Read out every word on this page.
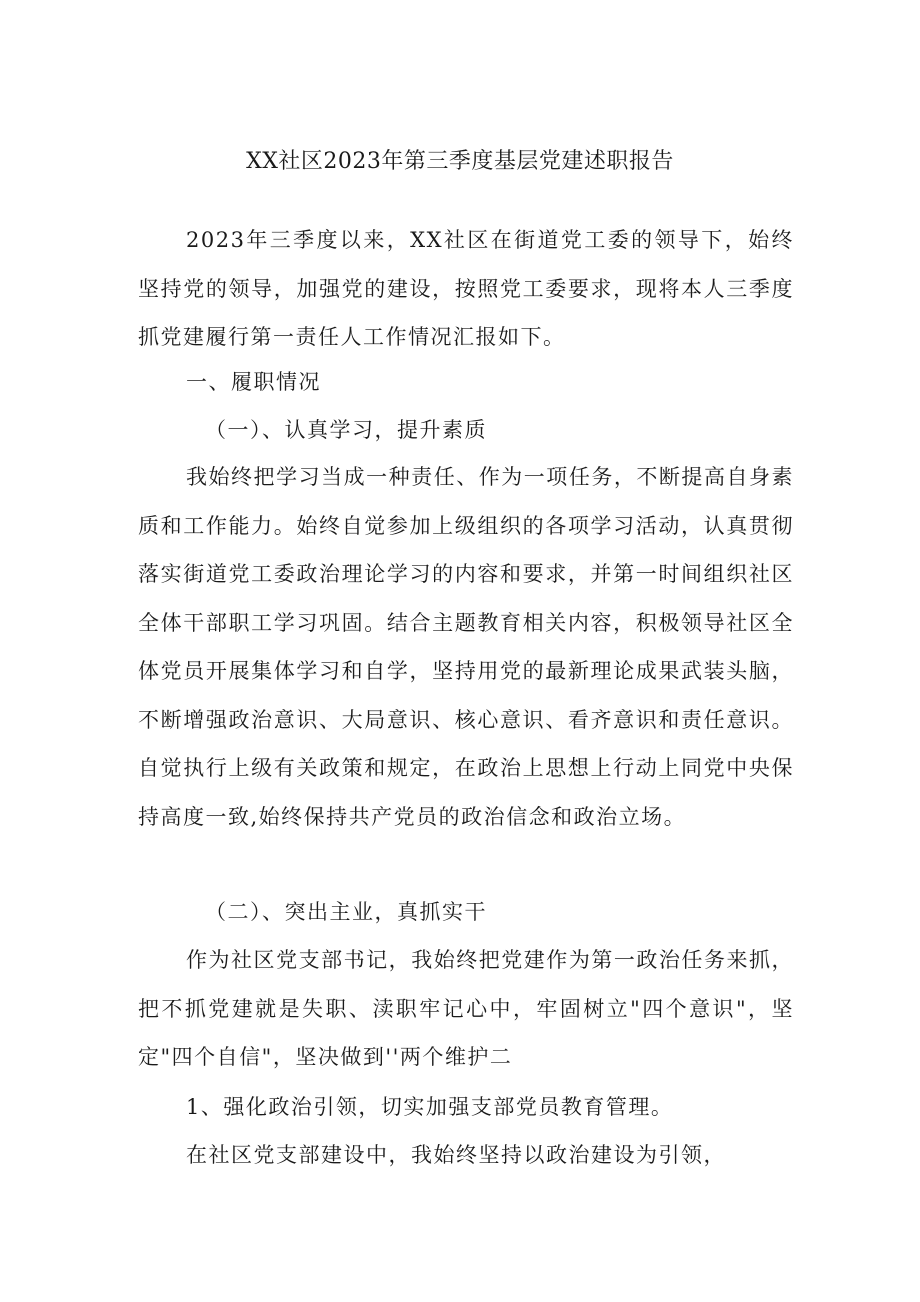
XX社区2023年第三季度基层党建述职报告

2023年三季度以来，XX社区在街道党工委的领导下，始终坚持党的领导，加强党的建设，按照党工委要求，现将本人三季度抓党建履行第一责任人工作情况汇报如下。

一、履职情况
（一）、认真学习，提升素质

我始终把学习当成一种责任、作为一项任务，不断提高自身素质和工作能力。始终自觉参加上级组织的各项学习活动，认真贯彻落实街道党工委政治理论学习的内容和要求，并第一时间组织社区全体干部职工学习巩固。结合主题教育相关内容，积极领导社区全体党员开展集体学习和自学，坚持用党的最新理论成果武装头脑，不断增强政治意识、大局意识、核心意识、看齐意识和责任意识。自觉执行上级有关政策和规定，在政治上思想上行动上同党中央保持高度一致,始终保持共产党员的政治信念和政治立场。

（二）、突出主业，真抓实干

作为社区党支部书记，我始终把党建作为第一政治任务来抓，把不抓党建就是失职、渎职牢记心中，牢固树立"四个意识"，坚定"四个自信"，坚决做到''两个维护二

1、强化政治引领，切实加强支部党员教育管理。

在社区党支部建设中，我始终坚持以政治建设为引领，
